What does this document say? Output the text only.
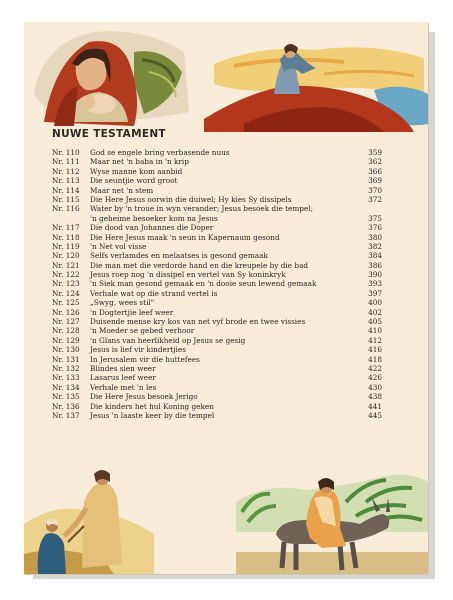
NUWE TESTAMENT
Nr. 110	God se engele bring verbasende nuus	359
Nr. 111	Maar net 'n baba in 'n krip	362
Nr. 112	Wyse manne kom aanbid	366
Nr. 113	Die seuntjie word groot	369
Nr. 114	Maar net 'n stem	370
Nr. 115	Die Here Jesus oorwin die duiwel; Hy kies Sy dissipels	372
Nr. 116	Water by 'n troue in wyn verander; Jesus besoek die tempel;
'n geheime besoeker kom na Jesus	375
Nr. 117	Die dood van Johannes die Doper	376
Nr. 118	Die Here Jesus maak 'n seun in Kapernaum gesond	380
Nr. 119	'n Net vol visse	382
Nr. 120	Selfs verlamdes en melaatses is gesond gemaak	384
Nr. 121	Die man met die verdorde hand en die kreupele by die bad	386
Nr. 122	Jesus roep nog 'n dissipel en vertel van Sy koninkryk	390
Nr. 123	'n Siek man gesond gemaak en 'n dooie seun lewend gemaak	393
Nr. 124	Verhale wat op die strand vertel is	397
Nr. 125	„Swyg, wees stil"	400
Nr. 126	'n Dogtertjie leef weer	402
Nr. 127	Duisende mense kry kos van net vyf brode en twee vissies	405
Nr. 128	'n Moeder se gebed verhoor	410
Nr. 129	'n Glans van heerlikheid op Jesus se gesig	412
Nr. 130	Jesus is lief vir kindertjies	416
Nr. 131	In Jerusalem vir die huttefees	418
Nr. 132	Blindes sien weer	422
Nr. 133	Lasarus leef weer	426
Nr. 134	Verhale met 'n les	430
Nr. 135	Die Here Jesus besoek Jerigo	438
Nr. 136	Die kinders het hul Koning geken	441
Nr. 137	Jesus 'n laaste keer by die tempel	445
